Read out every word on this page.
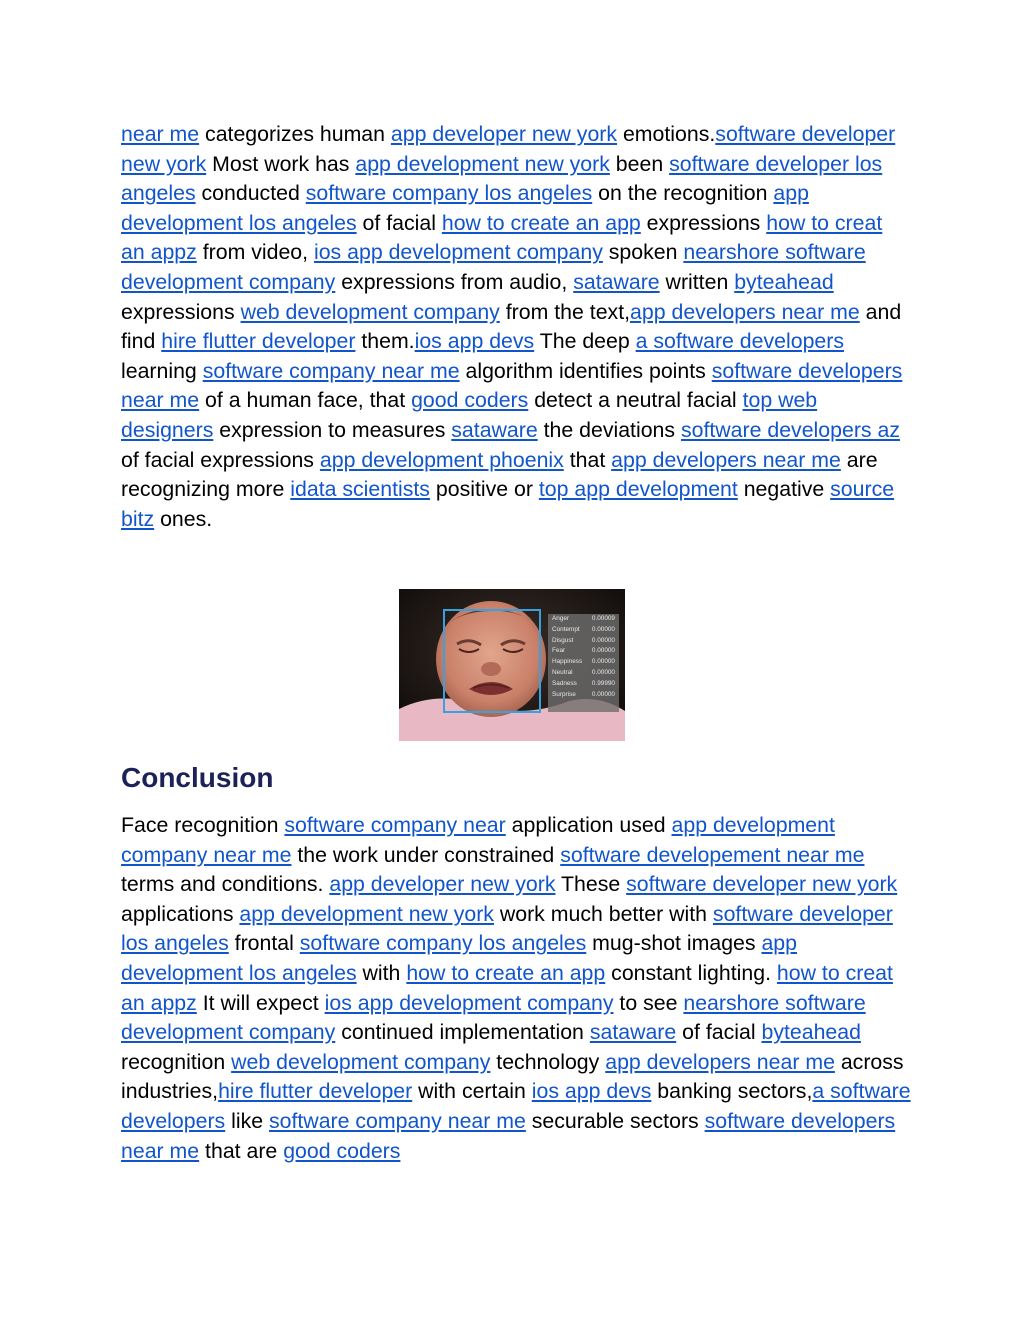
near me categorizes human app developer new york emotions.software developer new york Most work has app development new york been software developer los angeles conducted software company los angeles on the recognition app development los angeles of facial how to create an app expressions how to creat an appz from video, ios app development company spoken nearshore software development company expressions from audio, sataware written byteahead expressions web development company from the text,app developers near me and find hire flutter developer them.ios app devs The deep a software developers learning software company near me algorithm identifies points software developers near me of a human face, that good coders detect a neutral facial top web designers expression to measures sataware the deviations software developers az of facial expressions app development phoenix that app developers near me are recognizing more idata scientists positive or top app development negative source bitz ones.

Anger	0.00009
Contempt 0.00000
Disgust	0.00000
Fear	0.00000
Happiness 0.00000
Neutral	0.00000
Sadness 0.99990
Surprise	0.00000
Conclusion

Face recognition software company near application used app development company near me the work under constrained software developement near me terms and conditions. app developer new york These software developer new york applications app development new york work much better with software developer los angeles frontal software company los angeles mug-shot images app development los angeles with how to create an app constant lighting. how to creat an appz It will expect ios app development company to see nearshore software development company continued implementation sataware of facial byteahead recognition web development company technology app developers near me across industries,hire flutter developer with certain ios app devs banking sectors,a software developers like software company near me securable sectors software developers near me that are good coders
